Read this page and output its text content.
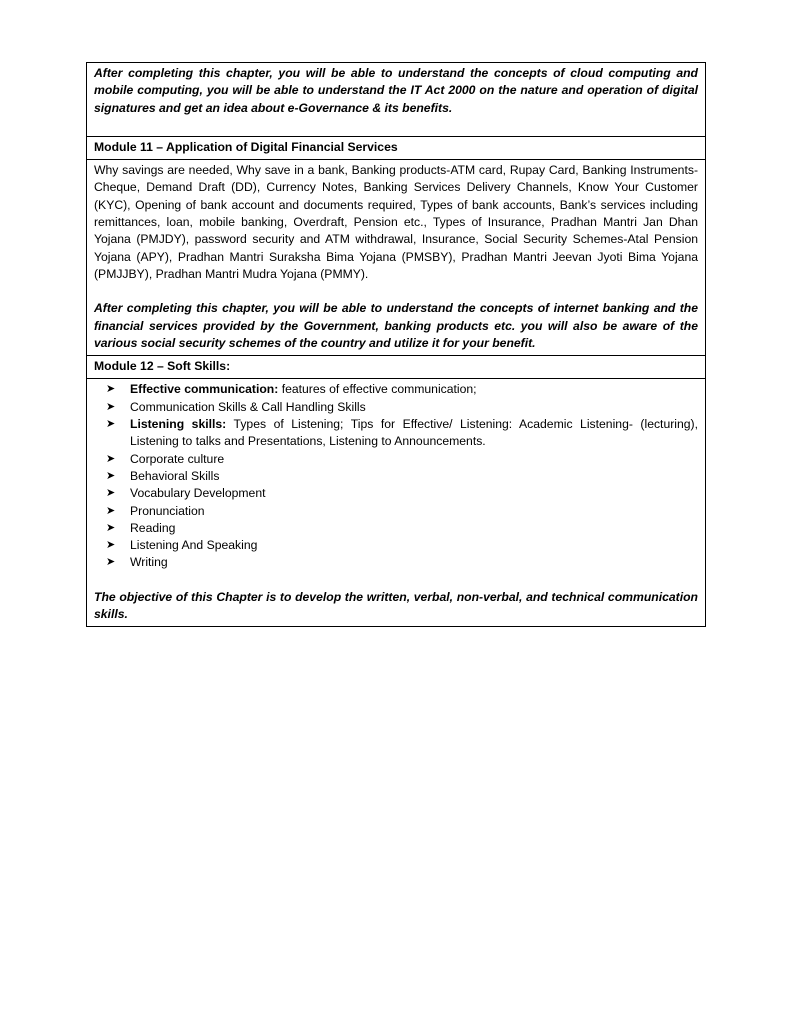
After completing this chapter, you will be able to understand the concepts of cloud computing and mobile computing, you will be able to understand the IT Act 2000 on the nature and operation of digital signatures and get an idea about e-Governance & its benefits.

Module 11 – Application of Digital Financial Services

Why savings are needed, Why save in a bank, Banking products-ATM card, Rupay Card, Banking Instruments-Cheque, Demand Draft (DD), Currency Notes, Banking Services Delivery Channels, Know Your Customer (KYC), Opening of bank account and documents required, Types of bank accounts, Bank’s services including remittances, loan, mobile banking, Overdraft, Pension etc., Types of Insurance, Pradhan Mantri Jan Dhan Yojana (PMJDY), password security and ATM withdrawal, Insurance, Social Security Schemes-Atal Pension Yojana (APY), Pradhan Mantri Suraksha Bima Yojana (PMSBY), Pradhan Mantri Jeevan Jyoti Bima Yojana (PMJJBY), Pradhan Mantri Mudra Yojana (PMMY).

After completing this chapter, you will be able to understand the concepts of internet banking and the financial services provided by the Government, banking products etc. you will also be aware of the various social security schemes of the country and utilize it for your benefit.

Module 12 – Soft Skills:

➤ Effective communication: features of effective communication;
➤ Communication Skills & Call Handling Skills
➤ Listening skills: Types of Listening; Tips for Effective/ Listening: Academic Listening- (lecturing), Listening to talks and Presentations, Listening to Announcements.
➤ Corporate culture
➤ Behavioral Skills
➤ Vocabulary Development
➤ Pronunciation
➤ Reading
➤ Listening And Speaking
➤ Writing

The objective of this Chapter is to develop the written, verbal, non-verbal, and technical communication skills.
